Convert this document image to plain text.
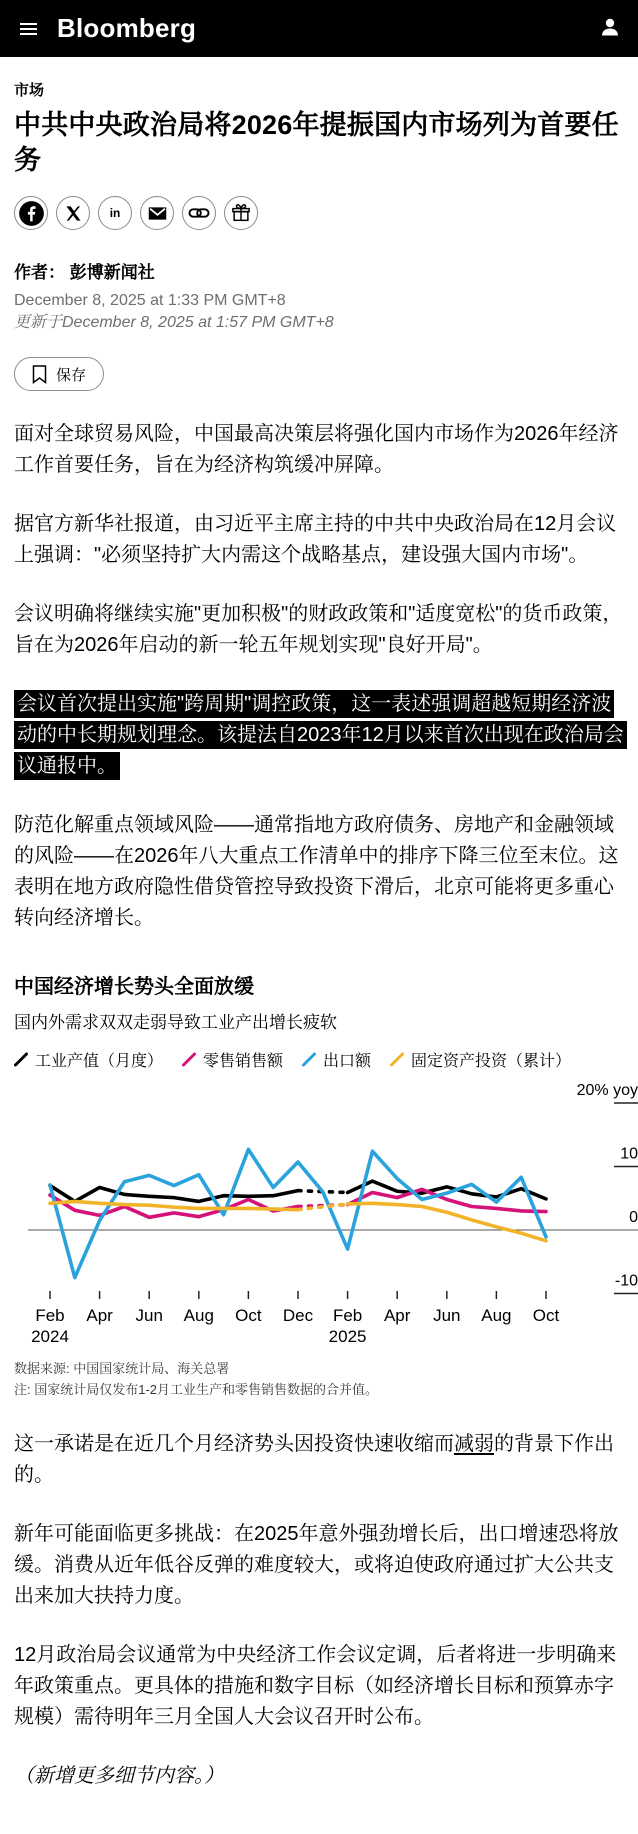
Bloomberg
市场
中共中央政治局将2026年提振国内市场列为首要任务
in
作者： 彭博新闻社
December 8, 2025 at 1:33 PM GMT+8
更新于December 8, 2025 at 1:57 PM GMT+8
保存

面对全球贸易风险，中国最高决策层将强化国内市场作为2026年经济工作首要任务，旨在为经济构筑缓冲屏障。

据官方新华社报道，由习近平主席主持的中共中央政治局在12月会议上强调："必须坚持扩大内需这个战略基点，建设强大国内市场"。

会议明确将继续实施"更加积极"的财政政策和"适度宽松"的货币政策，旨在为2026年启动的新一轮五年规划实现"良好开局"。

会议首次提出实施"跨周期"调控政策，这一表述强调超越短期经济波动的中长期规划理念。该提法自2023年12月以来首次出现在政治局会议通报中。

防范化解重点领域风险——通常指地方政府债务、房地产和金融领域的风险——在2026年八大重点工作清单中的排序下降三位至末位。这表明在地方政府隐性借贷管控导致投资下滑后，北京可能将更多重心转向经济增长。

中国经济增长势头全面放缓
国内外需求双双走弱导致工业产出增长疲软
工业产值（月度）	零售销售额	出口额	固定资产投资（累计）
20% yoy
10
0
-10
Feb
2024
Apr Jun Aug Oct Dec Feb
2025
Apr Jun Aug Oct
数据来源: 中国国家统计局、海关总署
注: 国家统计局仅发布1-2月工业生产和零售销售数据的合并值。

这一承诺是在近几个月经济势头因投资快速收缩而减弱的背景下作出的。

新年可能面临更多挑战：在2025年意外强劲增长后，出口增速恐将放缓。消费从近年低谷反弹的难度较大，或将迫使政府通过扩大公共支出来加大扶持力度。

12月政治局会议通常为中央经济工作会议定调，后者将进一步明确来年政策重点。更具体的措施和数字目标（如经济增长目标和预算赤字规模）需待明年三月全国人大会议召开时公布。

（新增更多细节内容。）
